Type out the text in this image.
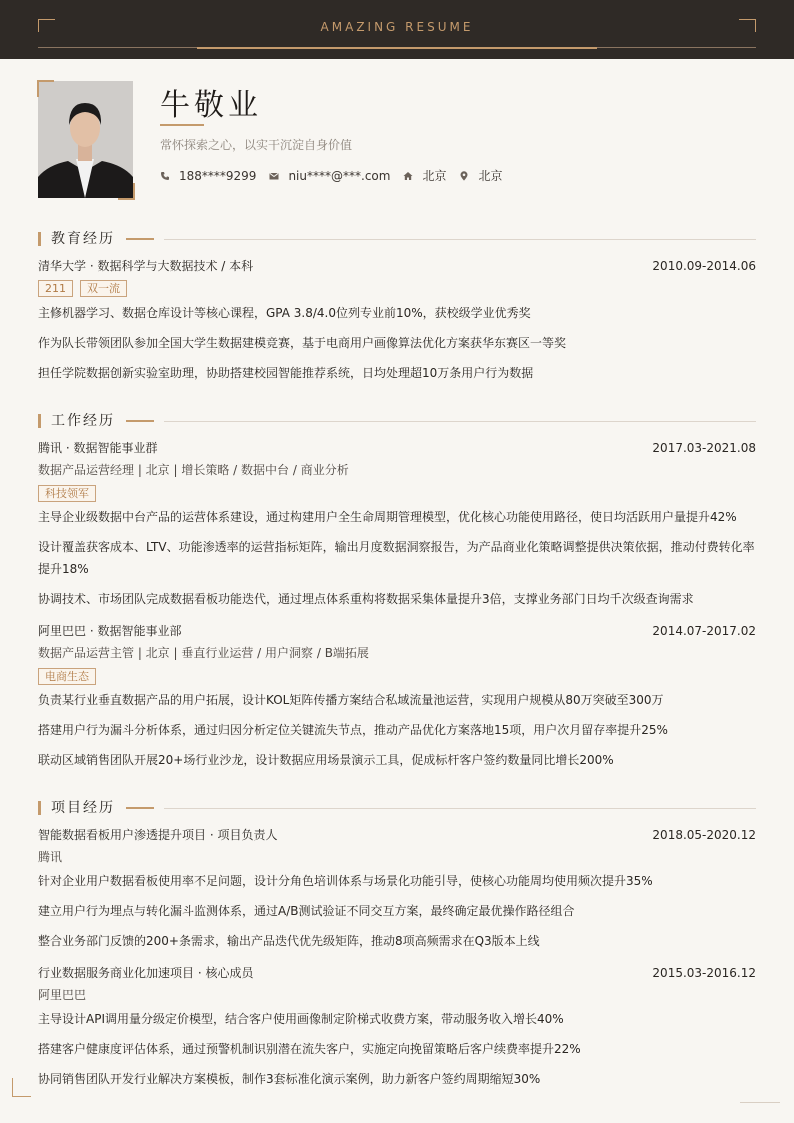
AMAZING RESUME
牛敬业
常怀探索之心，以实干沉淀自身价值
188****9299	niu****@***.com	北京	北京
教育经历
清华大学 · 数据科学与大数据技术 / 本科	2010.09-2014.06
211	双一流
主修机器学习、数据仓库设计等核心课程，GPA 3.8/4.0位列专业前10%，获校级学业优秀奖
作为队长带领团队参加全国大学生数据建模竞赛，基于电商用户画像算法优化方案获华东赛区一等奖
担任学院数据创新实验室助理，协助搭建校园智能推荐系统，日均处理超10万条用户行为数据
工作经历
腾讯 · 数据智能事业群	2017.03-2021.08
数据产品运营经理 | 北京 | 增长策略 / 数据中台 / 商业分析
科技领军
主导企业级数据中台产品的运营体系建设，通过构建用户全生命周期管理模型，优化核心功能使用路径，使日均活跃用户量提升42%
设计覆盖获客成本、LTV、功能渗透率的运营指标矩阵，输出月度数据洞察报告，为产品商业化策略调整提供决策依据，推动付费转化率提升18%
协调技术、市场团队完成数据看板功能迭代，通过埋点体系重构将数据采集体量提升3倍，支撑业务部门日均千次级查询需求
阿里巴巴 · 数据智能事业部	2014.07-2017.02
数据产品运营主管 | 北京 | 垂直行业运营 / 用户洞察 / B端拓展
电商生态
负责某行业垂直数据产品的用户拓展，设计KOL矩阵传播方案结合私域流量池运营，实现用户规模从80万突破至300万
搭建用户行为漏斗分析体系，通过归因分析定位关键流失节点，推动产品优化方案落地15项，用户次月留存率提升25%
联动区域销售团队开展20+场行业沙龙，设计数据应用场景演示工具，促成标杆客户签约数量同比增长200%
项目经历
智能数据看板用户渗透提升项目 · 项目负责人	2018.05-2020.12
腾讯
针对企业用户数据看板使用率不足问题，设计分角色培训体系与场景化功能引导，使核心功能周均使用频次提升35%
建立用户行为埋点与转化漏斗监测体系，通过A/B测试验证不同交互方案，最终确定最优操作路径组合
整合业务部门反馈的200+条需求，输出产品迭代优先级矩阵，推动8项高频需求在Q3版本上线
行业数据服务商业化加速项目 · 核心成员	2015.03-2016.12
阿里巴巴
主导设计API调用量分级定价模型，结合客户使用画像制定阶梯式收费方案，带动服务收入增长40%
搭建客户健康度评估体系，通过预警机制识别潜在流失客户，实施定向挽留策略后客户续费率提升22%
协同销售团队开发行业解决方案模板，制作3套标准化演示案例，助力新客户签约周期缩短30%
